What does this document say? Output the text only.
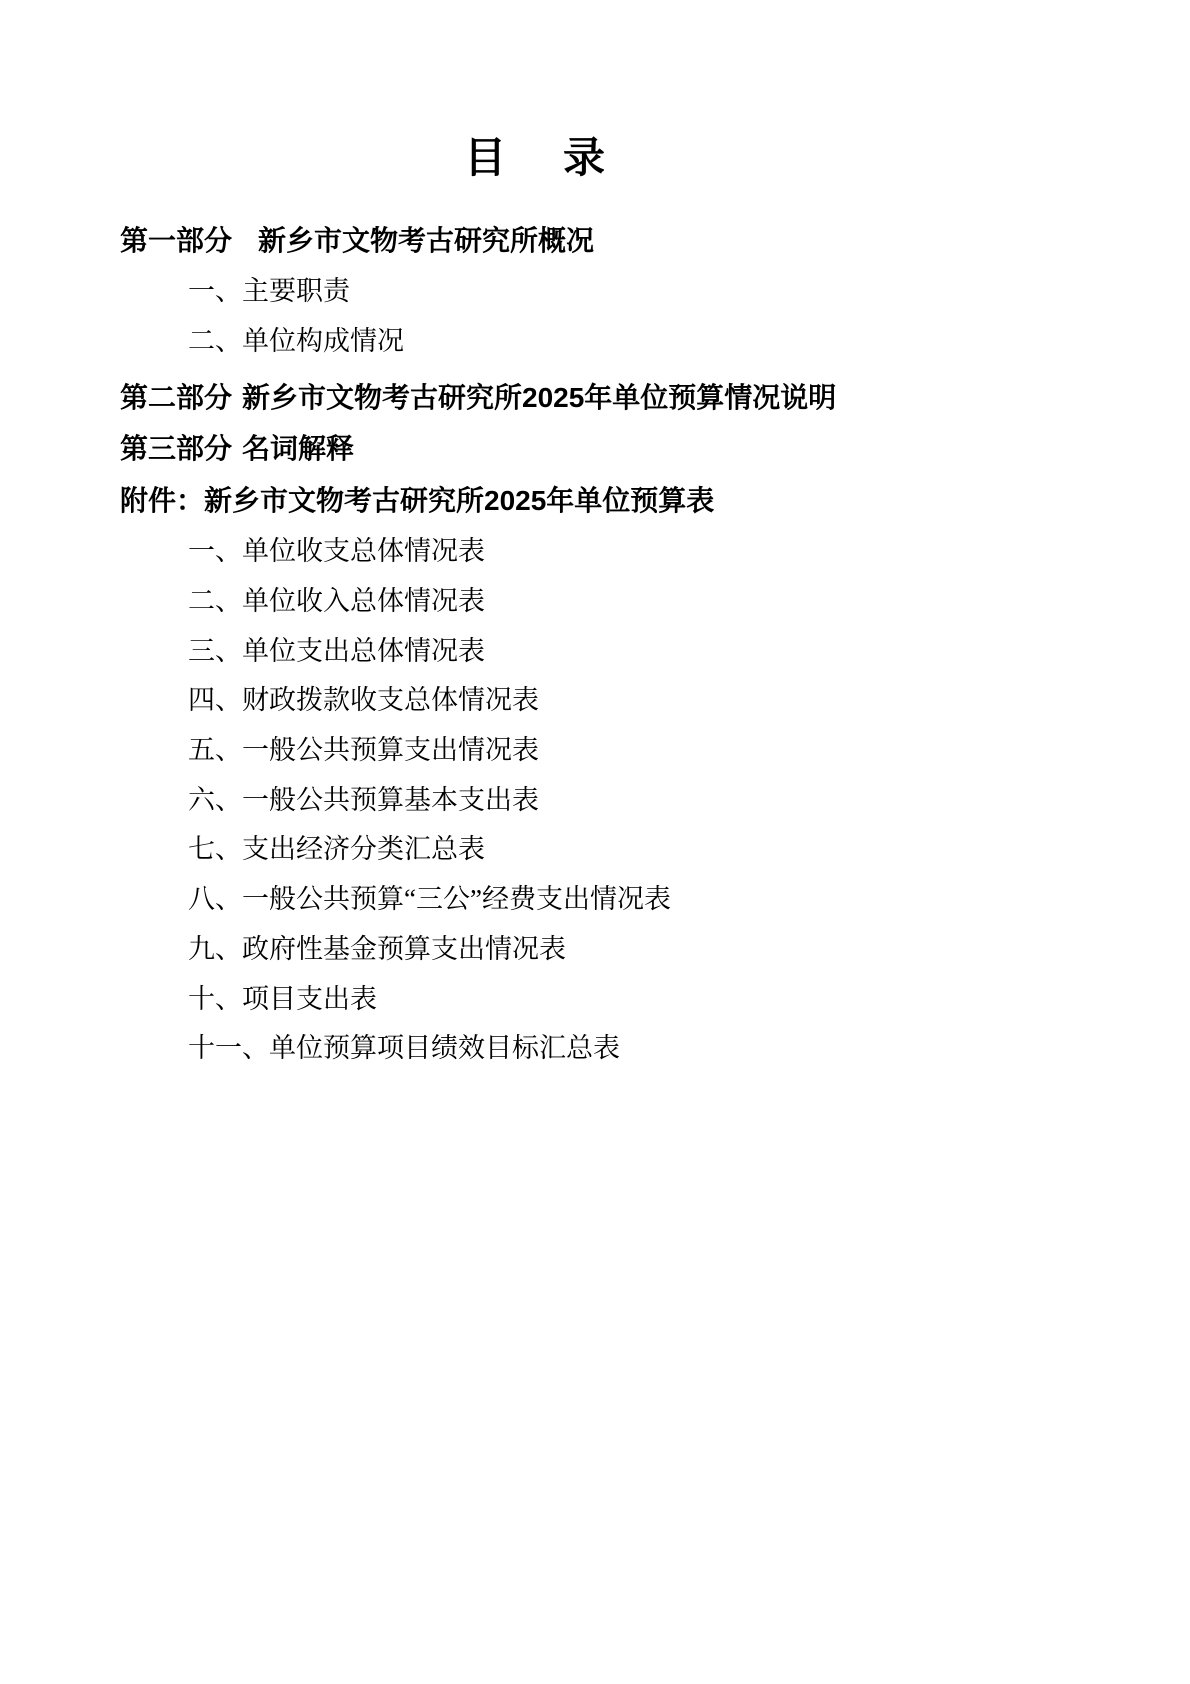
目 录
第一部分 新乡市文物考古研究所概况
一、主要职责
二、单位构成情况
第二部分 新乡市文物考古研究所2025年单位预算情况说明
第三部分 名词解释
附件：新乡市文物考古研究所2025年单位预算表
一、单位收支总体情况表
二、单位收入总体情况表
三、单位支出总体情况表
四、财政拨款收支总体情况表
五、一般公共预算支出情况表
六、一般公共预算基本支出表
七、支出经济分类汇总表
八、一般公共预算“三公”经费支出情况表
九、政府性基金预算支出情况表
十、项目支出表
十一、单位预算项目绩效目标汇总表
